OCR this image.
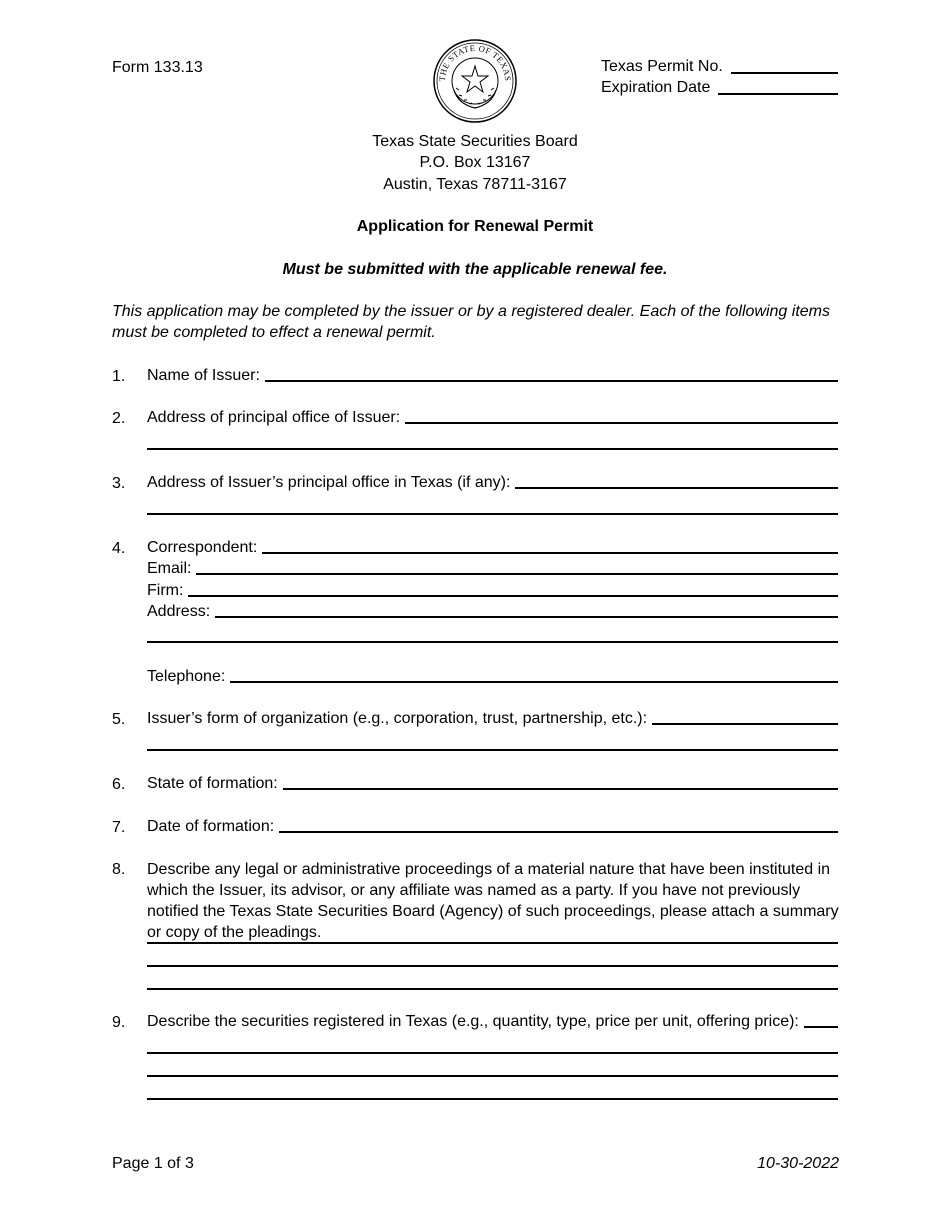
Form 133.13
THE STATE OF TEXAS
Texas Permit No.
Expiration Date
Texas State Securities Board
P.O. Box 13167
Austin, Texas 78711-3167
Application for Renewal Permit
Must be submitted with the applicable renewal fee.
This application may be completed by the issuer or by a registered dealer. Each of the following items must be completed to effect a renewal permit.
1. Name of Issuer:
2. Address of principal office of Issuer:
3. Address of Issuer’s principal office in Texas (if any):
4. Correspondent:
Email:
Firm:
Address:
Telephone:
5. Issuer’s form of organization (e.g., corporation, trust, partnership, etc.):
6. State of formation:
7. Date of formation:
8. Describe any legal or administrative proceedings of a material nature that have been instituted in which the Issuer, its advisor, or any affiliate was named as a party. If you have not previously notified the Texas State Securities Board (Agency) of such proceedings, please attach a summary or copy of the pleadings.
9. Describe the securities registered in Texas (e.g., quantity, type, price per unit, offering price):
Page 1 of 3	10-30-2022
